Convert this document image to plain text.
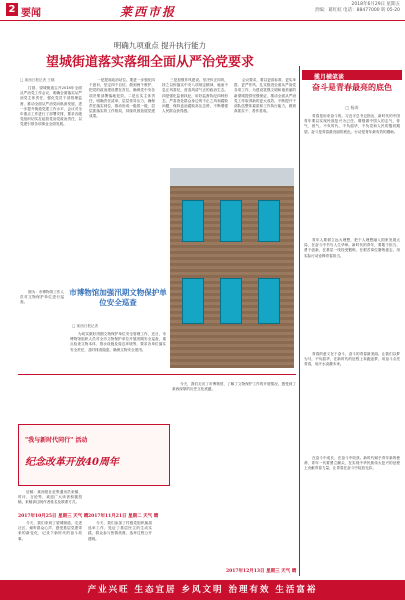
2 要闻	莱西市报
2018年6月29日 星期五
责编：葛红虹 电话：88477000 转 05-20
明确九项重点 提升执行能力
望城街道落实落细全面从严治党要求
□ 莱西日报记者 王娜
打基，望城街道召开2018年全面从严治党工作会议，明确全面落实从严治党主体责任，强化党员干部管理监督，推动全面从严治党向纵深发展，进一步提升街道党建工作水平，会议对全年重点工作进行了部署安排，要求各级党组织切实扛起管党治党政治责任，以党建引领各项事业全面发展。
一是提高政治站位。要进一步强化四个意识，坚定四个自信，做到两个维护，把党的政治建设摆在首位，确保党中央各项决策部署落地见效。二是压实主体责任，明确责任清单，层层传导压力，确保责任落实到位，推动形成一级抓一级、层层抓落实的工作格局，持续巩固拓展党建成果。
三是加强作风建设。坚决纠正四风，持之以恒落实中央八项规定精神，驰而不息正风肃纪，营造风清气正的政治生态。四是强化监督执纪，用好监督执纪四种形态，严肃查处群众身边的不正之风和腐败问题，保持惩治腐败高压态势，不断增强人民群众获得感。
会议要求，要以更高标准、更实举措、更严作风，扎实推进全面从严治党各项工作，为建设富强文明和谐美丽的新望城提供坚强保证，推动全面从严治党工作取得新的更大成效，不断提升干部队伍整体素质和工作执行能力，做到真抓实干、善作善成。
市博物馆加强汛期文物保护单位安全巡查
□ 莱西日报记者
为切实做好汛期文物保护单位安全管理工作，近日，市博物馆组织人员对全市文物保护单位开展汛期安全巡查，重点检查文物本体、排水设施及周边环境等，要求各单位落实安全责任，及时排查隐患，确保文物安全度汛。
图为：市博物馆工作人员对文物保护单位进行巡查。
"我与新时代同行" 活动
纪念改革开放40周年
征稿：莱西报社征集通讯员来稿、时评、言论等，欢迎广大读者积极投稿，来稿请注明作者姓名及联系方式。
2017年10月25日 星期三 天气 晴
今天，我们来到了望城街道，走进社区，倾听群众心声，感受基层党建带来的新变化，记录下新时代的奋斗故事。
2017年11月21日 星期二 天气 晴
今天，我们参加了村级党组织换届选举工作，见证了基层民主的生动实践，群众参与热情高涨，选举过程公开透明。
2017年12月13日 星期三 天气 晴
今天，我们走访了市博物馆，了解了文物保护工作的开展情况，感受到了莱西深厚的历史文化底蕴。
揽月横笔谈
奋斗是青春最亮的底色
□ 杨涛
青春是用来奋斗的。习近平总书记指出，新时代的中国青年要以实现民族复兴为己任，增强做中国人的志气、骨气、底气，不负时代，不负韶华，不负党和人民的殷切期望。奋斗是青春最亮丽的底色，行动是青年最有效的磨砺。
青年人要树立远大理想，把个人理想融入国家发展大局，在奋斗中书写人生华章。新时代的青年，要敢于担当、勇于创新，在基层一线经受锻炼，在艰苦岗位磨炼意志，用实际行动诠释青春担当。
青春的意义在于奋斗，奋斗的青春最美丽。让我们以梦为马，不负韶华，在新时代的征程上奔跑追梦，用奋斗点亮青春，用汗水浇灌未来。
在奋斗中成长，在奋斗中收获。新时代赋予青年新的使命，青年一代要勇立潮头，在实现中华民族伟大复兴的征程上贡献青春力量，让青春在奋斗中绽放光彩。
产业兴旺 生态宜居 乡风文明 治理有效 生活富裕
